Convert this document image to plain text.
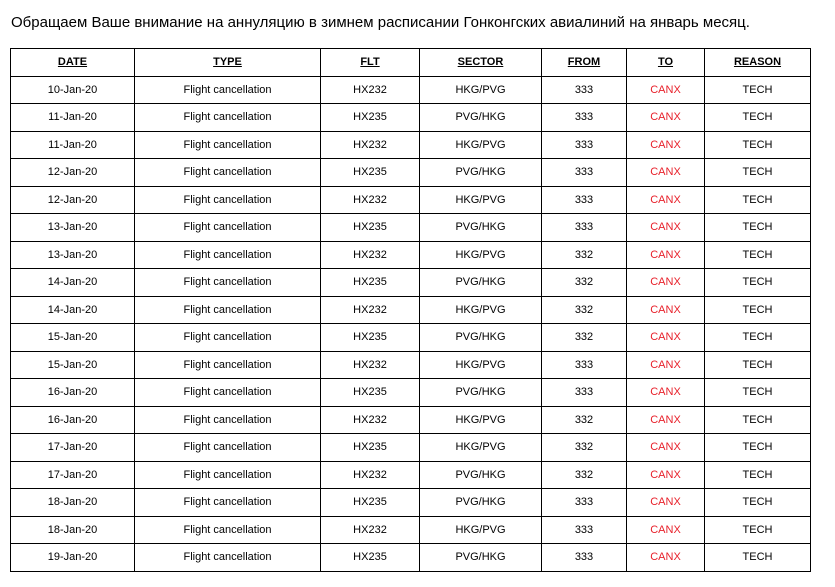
Обращаем Ваше внимание на аннуляцию в зимнем расписании Гонконгских авиалиний на январь месяц.
DATE	TYPE	FLT	SECTOR	FROM	TO	REASON
10-Jan-20	Flight cancellation	HX232	HKG/PVG	333	CANX	TECH
11-Jan-20	Flight cancellation	HX235	PVG/HKG	333	CANX	TECH
11-Jan-20	Flight cancellation	HX232	HKG/PVG	333	CANX	TECH
12-Jan-20	Flight cancellation	HX235	PVG/HKG	333	CANX	TECH
12-Jan-20	Flight cancellation	HX232	HKG/PVG	333	CANX	TECH
13-Jan-20	Flight cancellation	HX235	PVG/HKG	333	CANX	TECH
13-Jan-20	Flight cancellation	HX232	HKG/PVG	332	CANX	TECH
14-Jan-20	Flight cancellation	HX235	PVG/HKG	332	CANX	TECH
14-Jan-20	Flight cancellation	HX232	HKG/PVG	332	CANX	TECH
15-Jan-20	Flight cancellation	HX235	PVG/HKG	332	CANX	TECH
15-Jan-20	Flight cancellation	HX232	HKG/PVG	333	CANX	TECH
16-Jan-20	Flight cancellation	HX235	PVG/HKG	333	CANX	TECH
16-Jan-20	Flight cancellation	HX232	HKG/PVG	332	CANX	TECH
17-Jan-20	Flight cancellation	HX235	HKG/PVG	332	CANX	TECH
17-Jan-20	Flight cancellation	HX232	PVG/HKG	332	CANX	TECH
18-Jan-20	Flight cancellation	HX235	PVG/HKG	333	CANX	TECH
18-Jan-20	Flight cancellation	HX232	HKG/PVG	333	CANX	TECH
19-Jan-20	Flight cancellation	HX235	PVG/HKG	333	CANX	TECH
